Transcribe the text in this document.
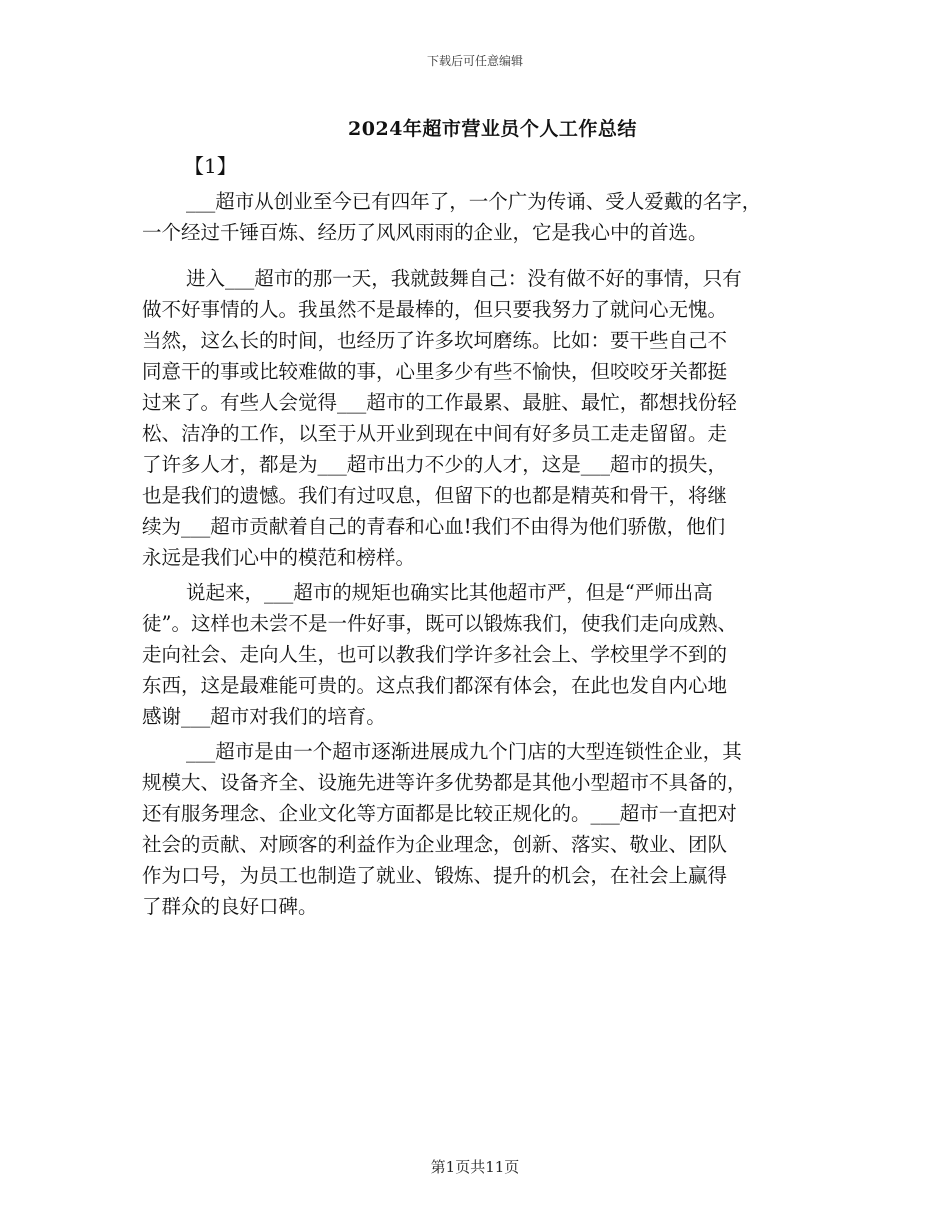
下载后可任意编辑
2024年超市营业员个人工作总结
【1】
___超市从创业至今已有四年了，一个广为传诵、受人爱戴的名字，
一个经过千锤百炼、经历了风风雨雨的企业，它是我心中的首选。
进入___超市的那一天，我就鼓舞自己：没有做不好的事情，只有
做不好事情的人。我虽然不是最棒的，但只要我努力了就问心无愧。
当然，这么长的时间，也经历了许多坎坷磨练。比如：要干些自己不
同意干的事或比较难做的事，心里多少有些不愉快，但咬咬牙关都挺
过来了。有些人会觉得___超市的工作最累、最脏、最忙，都想找份轻
松、洁净的工作，以至于从开业到现在中间有好多员工走走留留。走
了许多人才，都是为___超市出力不少的人才，这是___超市的损失，
也是我们的遗憾。我们有过叹息，但留下的也都是精英和骨干，将继
续为___超市贡献着自己的青春和心血!我们不由得为他们骄傲，他们
永远是我们心中的模范和榜样。
说起来，___超市的规矩也确实比其他超市严，但是“严师出高
徒”。这样也未尝不是一件好事，既可以锻炼我们，使我们走向成熟、
走向社会、走向人生，也可以教我们学许多社会上、学校里学不到的
东西，这是最难能可贵的。这点我们都深有体会，在此也发自内心地
感谢___超市对我们的培育。
___超市是由一个超市逐渐进展成九个门店的大型连锁性企业，其
规模大、设备齐全、设施先进等许多优势都是其他小型超市不具备的，
还有服务理念、企业文化等方面都是比较正规化的。___超市一直把对
社会的贡献、对顾客的利益作为企业理念，创新、落实、敬业、团队
作为口号，为员工也制造了就业、锻炼、提升的机会，在社会上赢得
了群众的良好口碑。
第1页共11页
